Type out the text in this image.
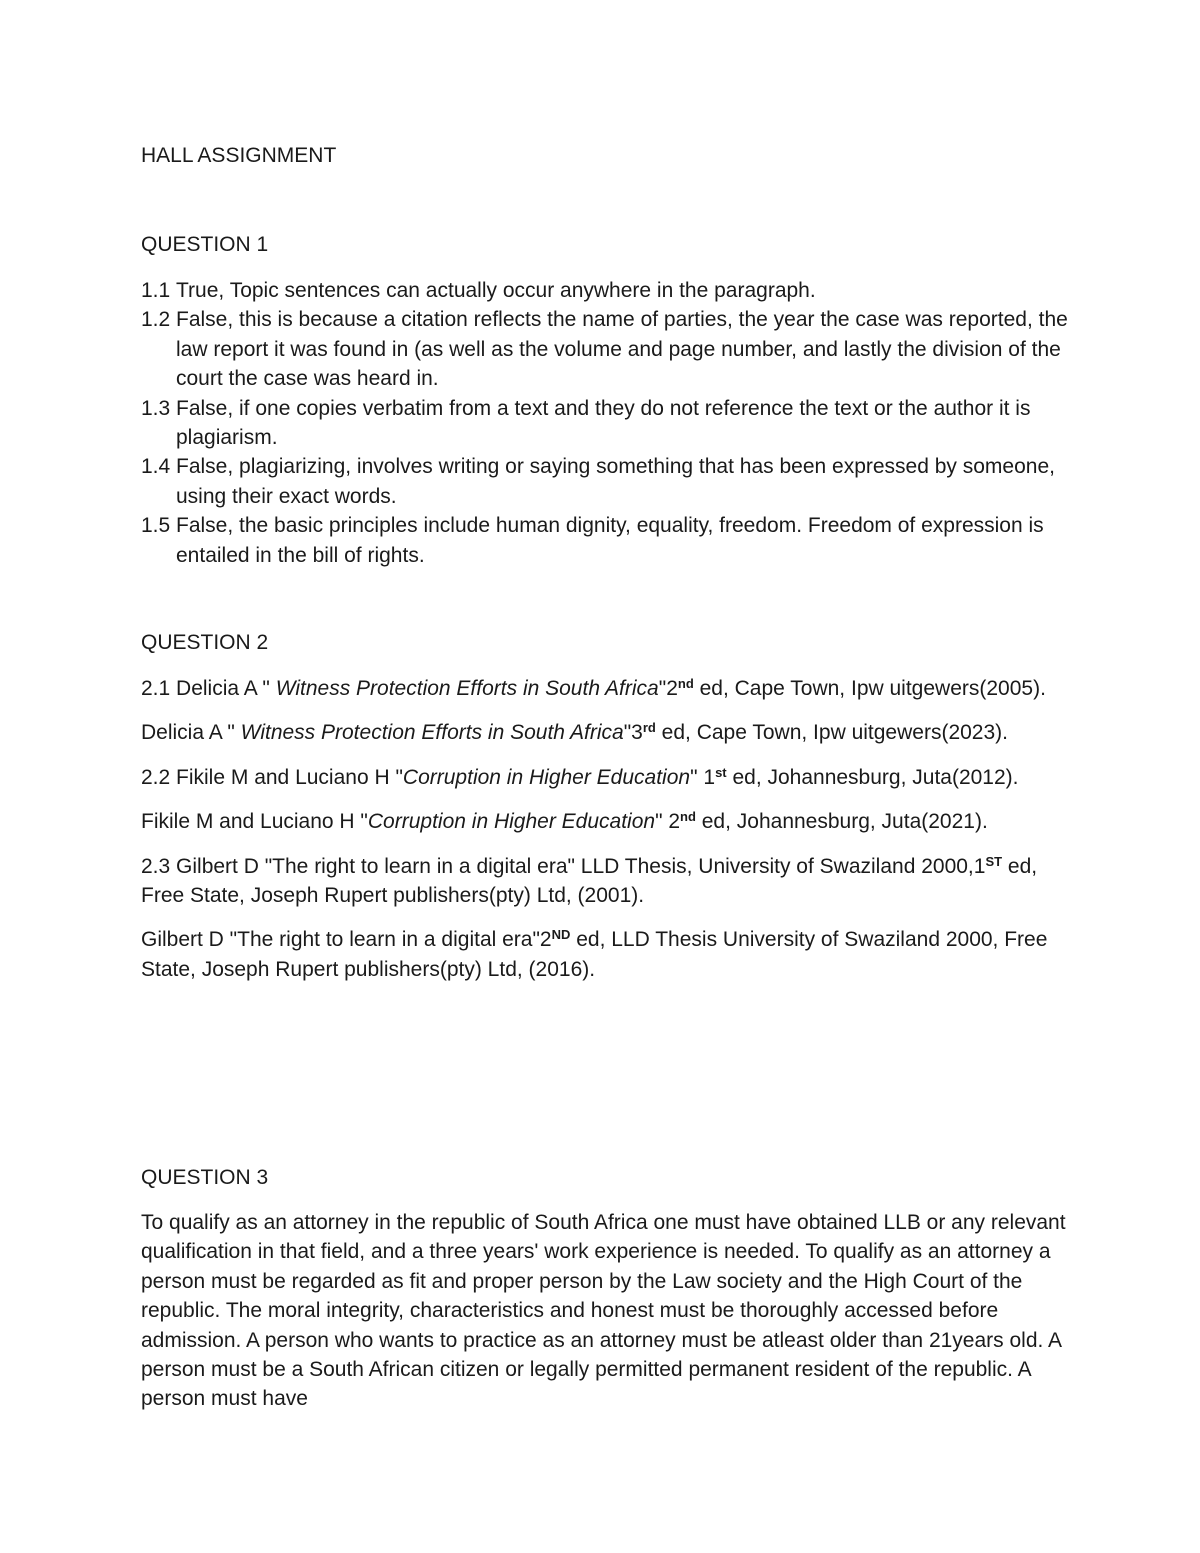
HALL ASSIGNMENT
QUESTION 1
1.1 True, Topic sentences can actually occur anywhere in the paragraph.
1.2 False, this is because a citation reflects the name of parties, the year the case was reported, the law report it was found in (as well as the volume and page number, and lastly the division of the court the case was heard in.
1.3 False, if one copies verbatim from a text and they do not reference the text or the author it is plagiarism.
1.4 False, plagiarizing, involves writing or saying something that has been expressed by someone, using their exact words.
1.5 False, the basic principles include human dignity, equality, freedom. Freedom of expression is entailed in the bill of rights.
QUESTION 2

2.1 Delicia A " Witness Protection Efforts in South Africa"2nd ed, Cape Town, Ipw uitgewers(2005).

Delicia A " Witness Protection Efforts in South Africa"3rd ed, Cape Town, Ipw uitgewers(2023).

2.2 Fikile M and Luciano H "Corruption in Higher Education" 1st ed, Johannesburg, Juta(2012).

Fikile M and Luciano H "Corruption in Higher Education" 2nd ed, Johannesburg, Juta(2021).

2.3 Gilbert D "The right to learn in a digital era" LLD Thesis, University of Swaziland 2000,1ST ed, Free State, Joseph Rupert publishers(pty) Ltd, (2001).

Gilbert D "The right to learn in a digital era"2ND ed, LLD Thesis University of Swaziland 2000, Free State, Joseph Rupert publishers(pty) Ltd, (2016).

QUESTION 3
To qualify as an attorney in the republic of South Africa one must have obtained LLB or any relevant qualification in that field, and a three years' work experience is needed. To qualify as an attorney a person must be regarded as fit and proper person by the Law society and the High Court of the republic. The moral integrity, characteristics and honest must be thoroughly accessed before admission. A person who wants to practice as an attorney must be atleast older than 21years old. A person must be a South African citizen or legally permitted permanent resident of the republic. A person must have
